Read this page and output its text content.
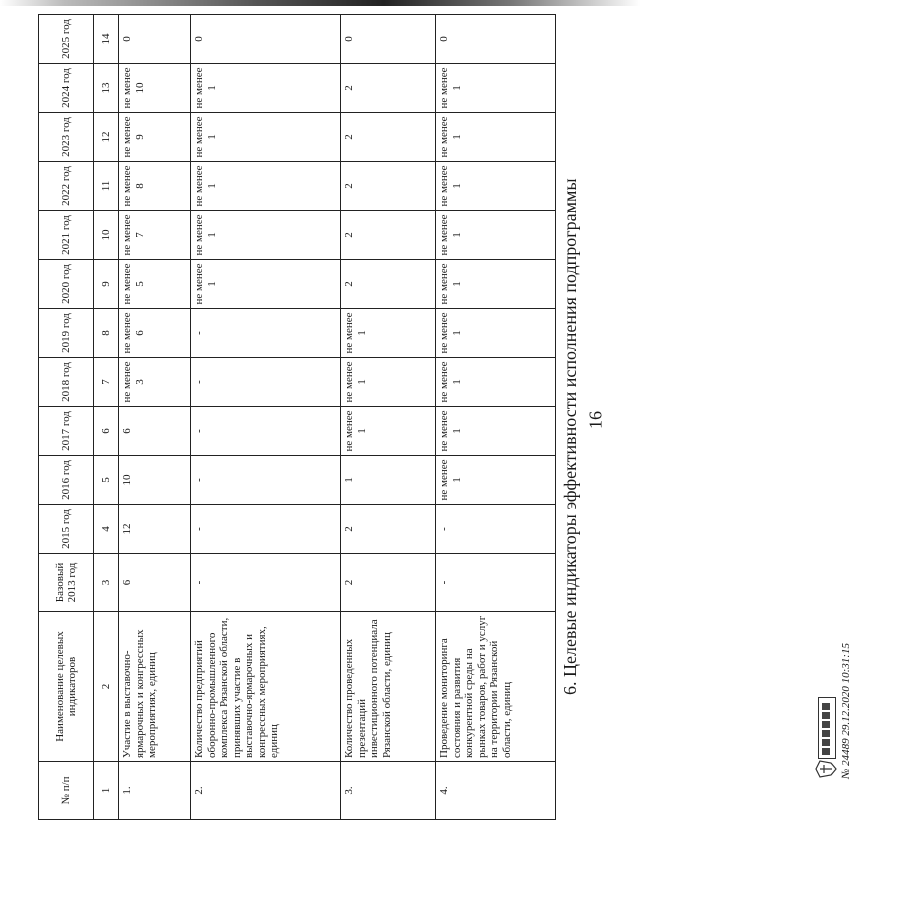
16
6. Целевые индикаторы эффективности исполнения подпрограммы
№ п/п	Наименование целевых индикаторов	Базовый 2013 год	2015 год	2016 год	2017 год	2018 год	2019 год	2020 год	2021 год	2022 год	2023 год	2024 год	2025 год
1	2	3	4	5	6	7	8	9	10	11	12	13	14
1.	Участие в выставочно-ярмарочных и конгрессных мероприятиях, единиц	6	12	10	6	не менее 3	не менее 6	не менее 5	не менее 7	не менее 8	не менее 9	не менее 10	0
2.	Количество предприятий оборонно-промышленного комплекса Рязанской области, принявших участие в выставочно-ярмарочных и конгрессных мероприятиях, единиц	-	-	-	-	-	-	не менее 1	не менее 1	не менее 1	не менее 1	не менее 1	0
3.	Количество проведенных презентаций инвестиционного потенциала Рязанской области, единиц	2	2	1	не менее 1	не менее 1	не менее 1	2	2	2	2	2	0
4.	Проведение мониторинга состояния и развития конкурентной среды на рынках товаров, работ и услуг на территории Рязанской области, единиц	-	-	не менее 1	не менее 1	не менее 1	не менее 1	не менее 1	не менее 1	не менее 1	не менее 1	не менее 1	0
№ 24489 29.12.2020 10:31:15
